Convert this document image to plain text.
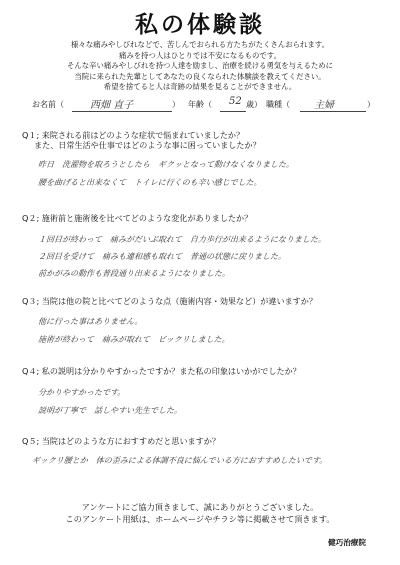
私の体験談
様々な痛みやしびれなどで、苦しんでおられる方たちがたくさんおられます。
痛みを持つ人はひとりでは不安になるものです。
そんな辛い痛みやしびれを持つ人達を励まし、治療を続ける勇気を与えるために
当院に来られた先輩としてあなたの良くなられた体験談を教えてください。
希望を捨てると人は奇跡の結果を見ることができません。
お名前（	西畑 直子	） 年齢（ 52 歳） 職種（ 主婦	）
Q１; 来院される前はどのような症状で悩まれていましたか？
また、日常生活や仕事ではどのような事に困っていましたか？
昨日　洗濯物を取ろうとしたら　ギクッとなって動けなくなりました。
腰を曲げると出来なくて　トイレに行くのも辛い感じでした。
Q２; 施術前と施術後を比べてどのような変化がありましたか？
１回目が終わって　痛みがだいぶ取れて　自力歩行が出来るようになりました。
２回目を受けて　痛みも違和感も取れて　普通の状態に戻りました。
前かがみの動作も普段通り出来るようになりました。
Q３; 当院は他の院と比べてどのような点（施術内容・効果など）が違いますか？
他に行った事はありません。
施術が終わって　痛みが取れて　ビックリしました。
Q４; 私の説明は分かりやすかったですか？また私の印象はいかがでしたか？
分かりやすかったです。
説明が丁寧で　話しやすい先生でした。
Q５; 当院はどのような方におすすめだと思いますか？
ギックリ腰とか　体の歪みによる体調不良に悩んでいる方におすすめしたいです。
アンケートにご協力頂きまして、誠にありがとうございました。
このアンケート用紙は、ホームページやチラシ等に掲載させて頂きます。
健巧治療院
